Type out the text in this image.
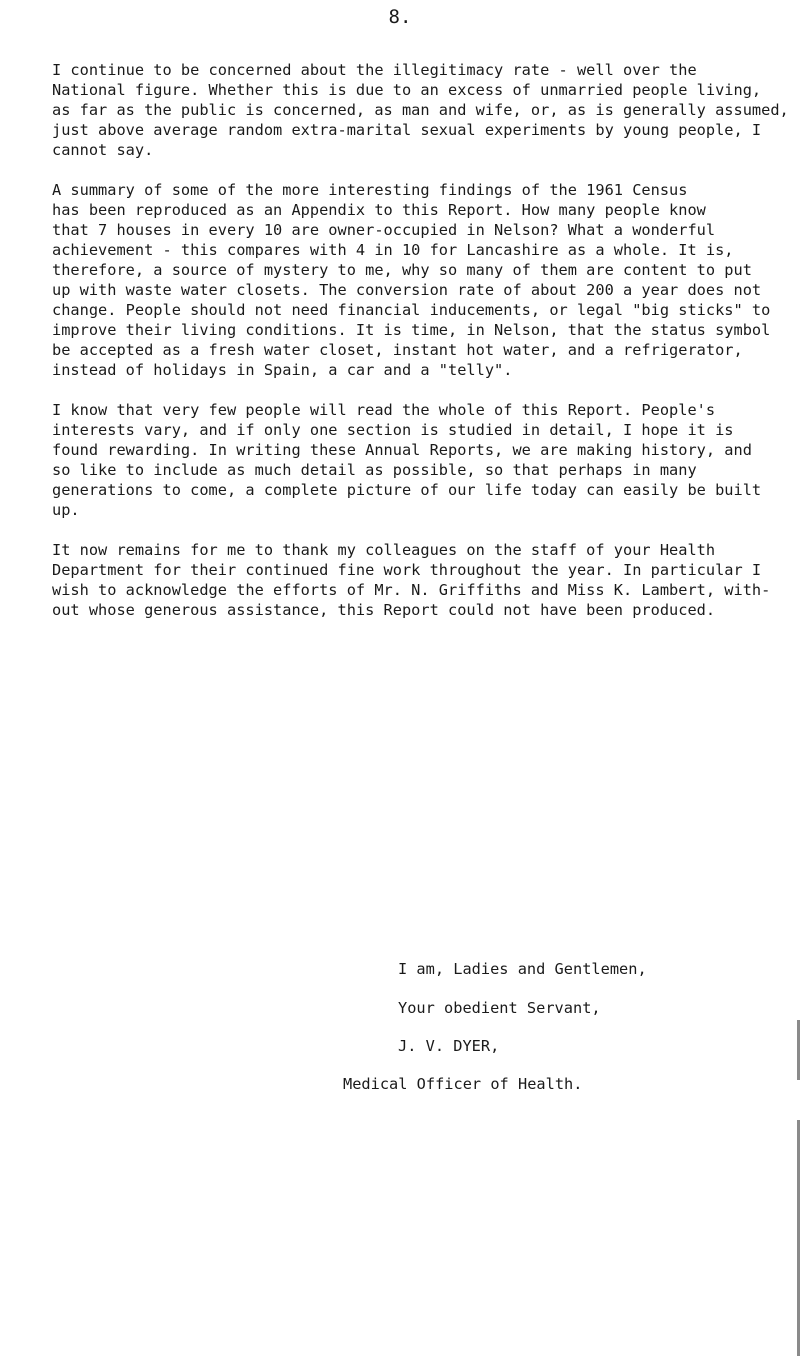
8.
I continue to be concerned about the illegitimacy rate - well over the
National figure. Whether this is due to an excess of unmarried people living,
as far as the public is concerned, as man and wife, or, as is generally assumed,
just above average random extra-marital sexual experiments by young people, I
cannot say.
A summary of some of the more interesting findings of the 1961 Census
has been reproduced as an Appendix to this Report. How many people know
that 7 houses in every 10 are owner-occupied in Nelson? What a wonderful
achievement - this compares with 4 in 10 for Lancashire as a whole. It is,
therefore, a source of mystery to me, why so many of them are content to put
up with waste water closets. The conversion rate of about 200 a year does not
change. People should not need financial inducements, or legal "big sticks" to
improve their living conditions. It is time, in Nelson, that the status symbol
be accepted as a fresh water closet, instant hot water, and a refrigerator,
instead of holidays in Spain, a car and a "telly".
I know that very few people will read the whole of this Report. People's
interests vary, and if only one section is studied in detail, I hope it is
found rewarding. In writing these Annual Reports, we are making history, and
so like to include as much detail as possible, so that perhaps in many
generations to come, a complete picture of our life today can easily be built
up.
It now remains for me to thank my colleagues on the staff of your Health
Department for their continued fine work throughout the year. In particular I
wish to acknowledge the efforts of Mr. N. Griffiths and Miss K. Lambert, with-
out whose generous assistance, this Report could not have been produced.
I am, Ladies and Gentlemen,
Your obedient Servant,
J. V. DYER,
Medical Officer of Health.
